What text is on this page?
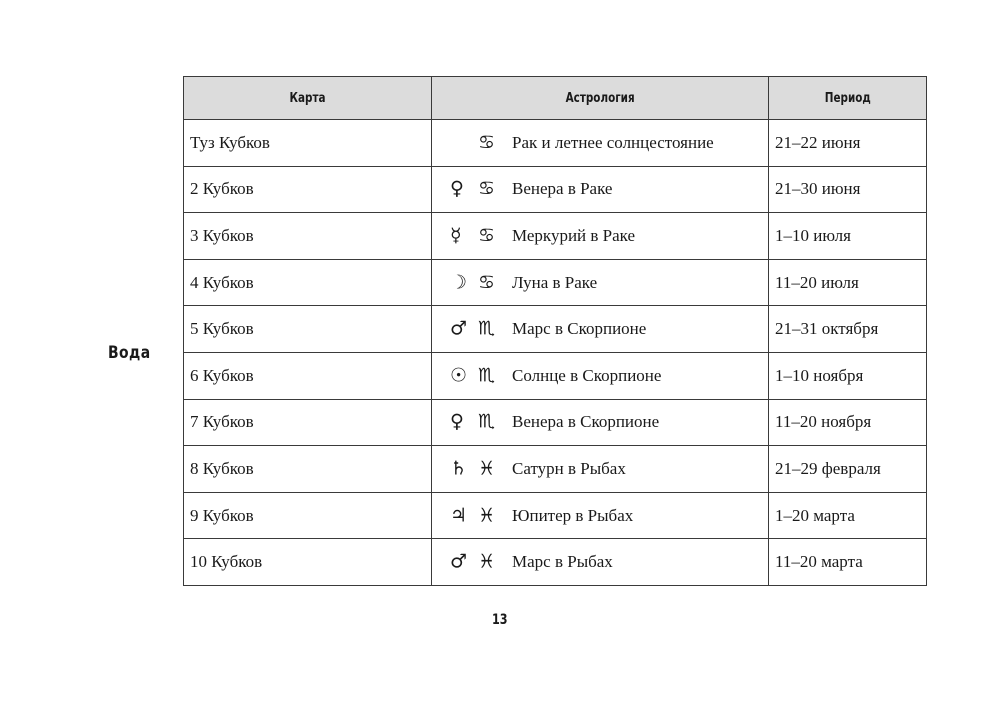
Вода
Карта	Астрология	Период
Туз Кубков	♋ Рак и летнее солнцестояние	21–22 июня
2 Кубков	♀ ♋ Венера в Раке	21–30 июня
3 Кубков	☿ ♋ Меркурий в Раке	1–10 июля
4 Кубков	☽ ♋ Луна в Раке	11–20 июля
5 Кубков	♂ ♏ Марс в Скорпионе	21–31 октября
6 Кубков	☉ ♏ Солнце в Скорпионе	1–10 ноября
7 Кубков	♀ ♏ Венера в Скорпионе	11–20 ноября
8 Кубков	♄ ♓ Сатурн в Рыбах	21–29 февраля
9 Кубков	♃ ♓ Юпитер в Рыбах	1–20 марта
10 Кубков	♂ ♓ Марс в Рыбах	11–20 марта
13
